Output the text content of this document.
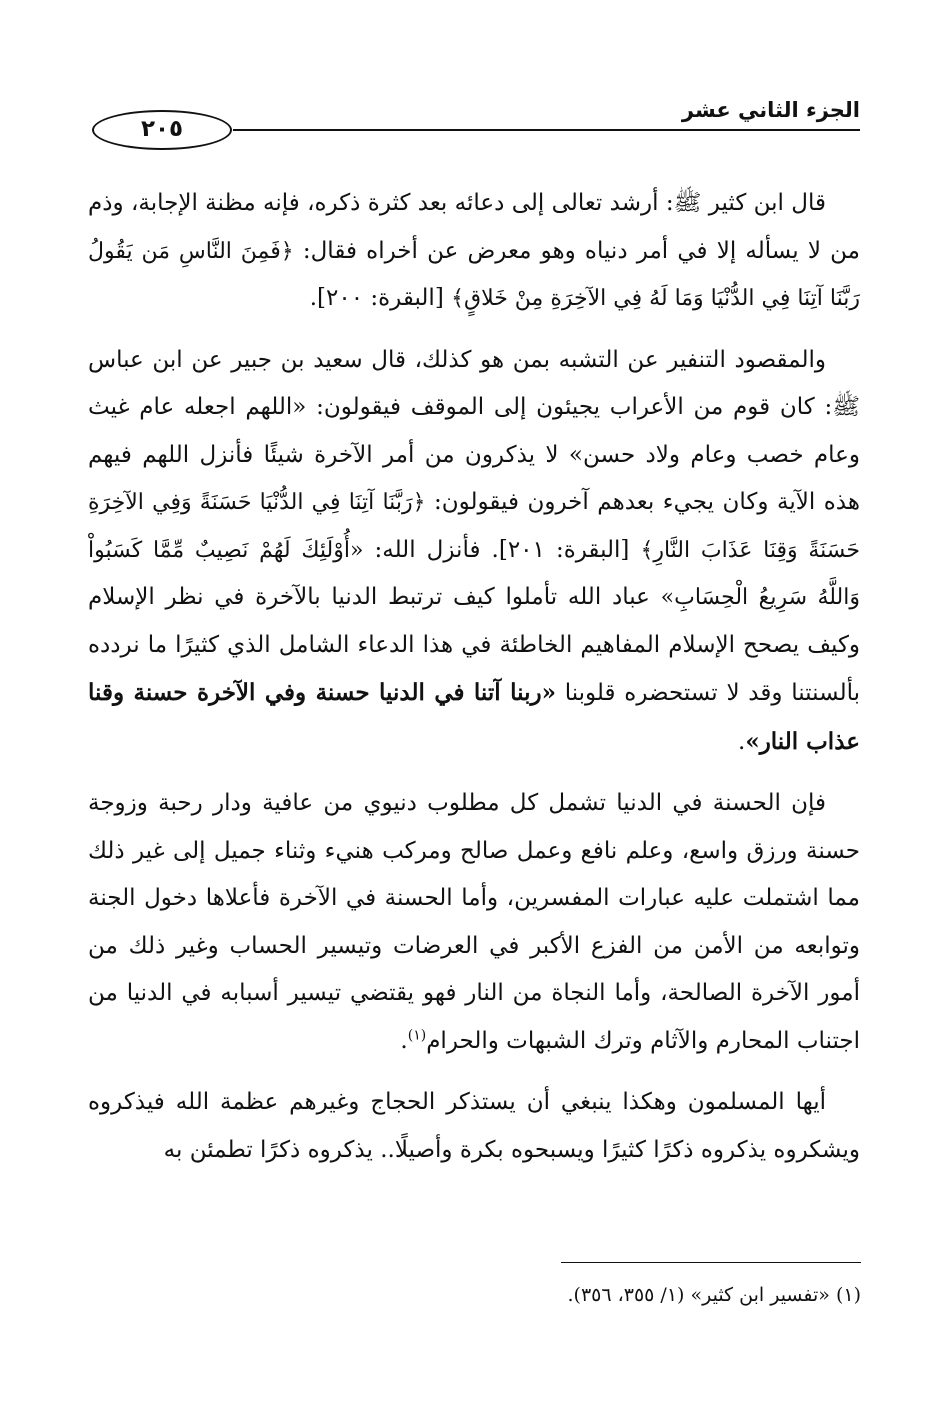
الجزء الثاني عشر
٢٠٥

قال ابن كثير ﷺ: أرشد تعالى إلى دعائه بعد كثرة ذكره، فإنه مظنة الإجابة، وذم من لا يسأله إلا في أمر دنياه وهو معرض عن أخراه فقال: ﴿فَمِنَ النَّاسِ مَن يَقُولُ رَبَّنَا آتِنَا فِي الدُّنْيَا وَمَا لَهُ فِي الآخِرَةِ مِنْ خَلاقٍ﴾ [البقرة: ٢٠٠].

والمقصود التنفير عن التشبه بمن هو كذلك، قال سعيد بن جبير عن ابن عباس ﷺ: كان قوم من الأعراب يجيئون إلى الموقف فيقولون: «اللهم اجعله عام غيث وعام خصب وعام ولاد حسن» لا يذكرون من أمر الآخرة شيئًا فأنزل اللهم فيهم هذه الآية وكان يجيء بعدهم آخرون فيقولون: ﴿رَبَّنَا آتِنَا فِي الدُّنْيَا حَسَنَةً وَفِي الآخِرَةِ حَسَنَةً وَقِنَا عَذَابَ النَّارِ﴾ [البقرة: ٢٠١]. فأنزل الله: «أُوْلَئِكَ لَهُمْ نَصِيبٌ مِّمَّا كَسَبُواْ وَاللَّهُ سَرِيعُ الْحِسَابِ» عباد الله تأملوا كيف ترتبط الدنيا بالآخرة في نظر الإسلام وكيف يصحح الإسلام المفاهيم الخاطئة في هذا الدعاء الشامل الذي كثيرًا ما نردده بألسنتنا وقد لا تستحضره قلوبنا «ربنا آتنا في الدنيا حسنة وفي الآخرة حسنة وقنا عذاب النار».

فإن الحسنة في الدنيا تشمل كل مطلوب دنيوي من عافية ودار رحبة وزوجة حسنة ورزق واسع، وعلم نافع وعمل صالح ومركب هنيء وثناء جميل إلى غير ذلك مما اشتملت عليه عبارات المفسرين، وأما الحسنة في الآخرة فأعلاها دخول الجنة وتوابعه من الأمن من الفزع الأكبر في العرضات وتيسير الحساب وغير ذلك من أمور الآخرة الصالحة، وأما النجاة من النار فهو يقتضي تيسير أسبابه في الدنيا من اجتناب المحارم والآثام وترك الشبهات والحرام$^{(١)}$.

أيها المسلمون وهكذا ينبغي أن يستذكر الحجاج وغيرهم عظمة الله فيذكروه ويشكروه يذكروه ذكرًا كثيرًا ويسبحوه بكرة وأصيلًا.. يذكروه ذكرًا تطمئن به

(١) «تفسير ابن كثير» (١/ ٣٥٥، ٣٥٦).
